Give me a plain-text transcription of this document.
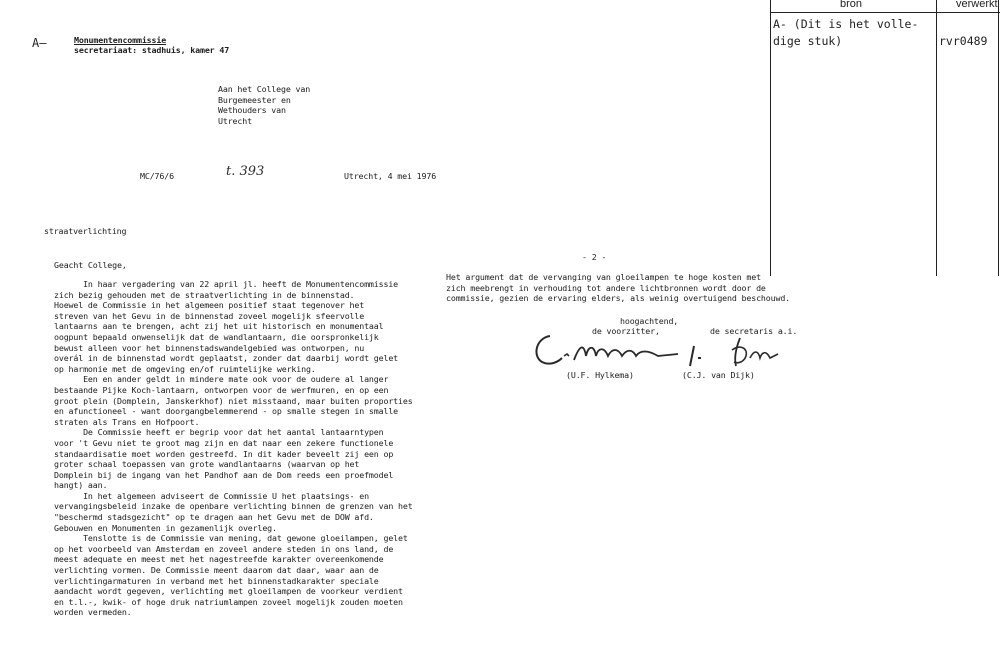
bron	verwerkt
A- (Dit is het volle-
dige stuk)	rvr0489
A—	Monumentencommissie
secretariaat: stadhuis, kamer 47
Aan het College van
Burgemeester en
Wethouders van
Utrecht
MC/76/6	t. 393	Utrecht, 4 mei 1976
straatverlichting
Geacht College,
In haar vergadering van 22 april jl. heeft de Monumentencommissie
zich bezig gehouden met de straatverlichting in de binnenstad.
Hoewel de Commissie in het algemeen positief staat tegenover het
streven van het Gevu in de binnenstad zoveel mogelijk sfeervolle
lantaarns aan te brengen, acht zij het uit historisch en monumentaal
oogpunt bepaald onwenselijk dat de wandlantaarn, die oorspronkelijk
bewust alleen voor het binnenstadswandelgebied was ontworpen, nu
overál in de binnenstad wordt geplaatst, zonder dat daarbij wordt gelet
op harmonie met de omgeving en/of ruimtelijke werking.
Een en ander geldt in mindere mate ook voor de oudere al langer
bestaande Pijke Koch-lantaarn, ontworpen voor de werfmuren, en op een
groot plein (Domplein, Janskerkhof) niet misstaand, maar buiten proporties
en afunctioneel - want doorgangbelemmerend - op smalle stegen in smalle
straten als Trans en Hofpoort.
De Commissie heeft er begrip voor dat het aantal lantaarntypen
voor 't Gevu niet te groot mag zijn en dat naar een zekere functionele
standaardisatie moet worden gestreefd. In dit kader beveelt zij een op
groter schaal toepassen van grote wandlantaarns (waarvan op het
Domplein bij de ingang van het Pandhof aan de Dom reeds een proefmodel
hangt) aan.
In het algemeen adviseert de Commissie U het plaatsings- en
vervangingsbeleid inzake de openbare verlichting binnen de grenzen van het
"beschermd stadsgezicht" op te dragen aan het Gevu met de DOW afd.
Gebouwen en Monumenten in gezamenlijk overleg.
Tenslotte is de Commissie van mening, dat gewone gloeilampen, gelet
op het voorbeeld van Amsterdam en zoveel andere steden in ons land, de
meest adequate en meest met het nagestreefde karakter overeenkomende
verlichting vormen. De Commissie meent daarom dat daar, waar aan de
verlichtingarmaturen in verband met het binnenstadkarakter speciale
aandacht wordt gegeven, verlichting met gloeilampen de voorkeur verdient
en t.l.-, kwik- of hoge druk natriumlampen zoveel mogelijk zouden moeten
worden vermeden.
- 2 -
Het argument dat de vervanging van gloeilampen te hoge kosten met
zich meebrengt in verhouding tot andere lichtbronnen wordt door de
commissie, gezien de ervaring elders, als weinig overtuigend beschouwd.
hoogachtend,
de voorzitter,	de secretaris a.i.
(U.F. Hylkema)	(C.J. van Dijk)
